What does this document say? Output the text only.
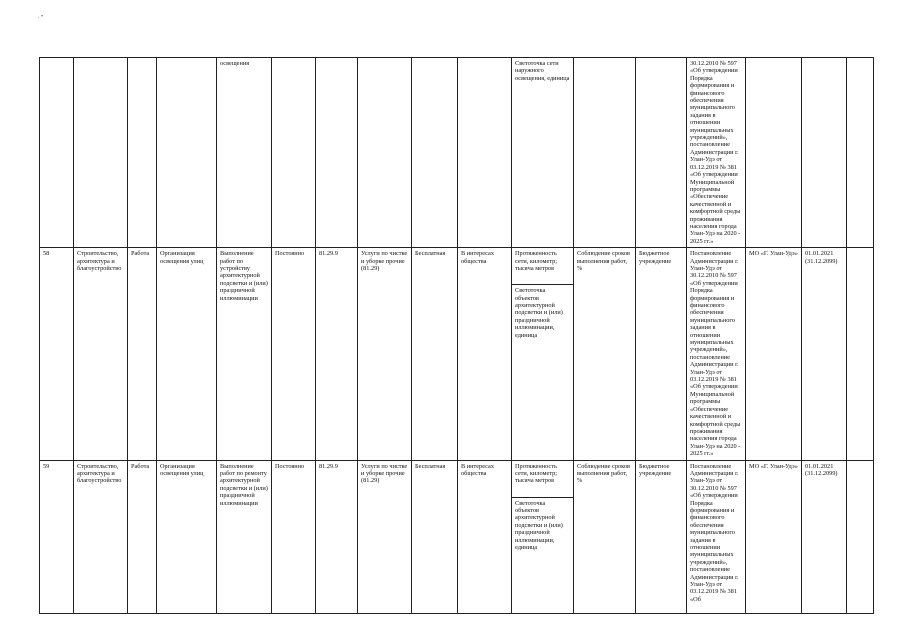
. •
				освещения						Светоточка сети наружного освещения, единица			30.12.2010 № 597 «Об утверждении Порядка формирования и финансового обеспечения муниципального задания в отношении муниципальных учреждений», постановление Администрации г. Улан-Удэ от 03.12.2019 № 381 «Об утверждении Муниципальной программы «Обеспечение качественной и комфортной среды проживания населения города Улан-Удэ на 2020 - 2025 гг.»			
58	Строительство, архитектура и благоустройство	Работа	Организация освещения улиц	Выполнение работ по устройству архитектурной подсветки и (или) праздничной иллюминации	Постоянно	81.29.9	Услуги по чистке и уборке прочие (81.29)	Бесплатная	В интересах общества	Протяженность сети, километр; тысяча метров
Светоточка объектов архитектурной подсветки и (или) праздничной иллюминации, единица	Соблюдение сроков выполнения работ, %	Бюджетное учреждение	Постановление Администрации г. Улан-Удэ от 30.12.2010 № 597 «Об утверждении Порядка формирования и финансового обеспечения муниципального задания в отношении муниципальных учреждений», постановление Администрации г. Улан-Удэ от 03.12.2019 № 381 «Об утверждении Муниципальной программы «Обеспечение качественной и комфортной среды проживания населения города Улан-Удэ на 2020 - 2025 гг.»	МО «Г. Улан-Удэ»	01.01.2021 (31.12.2099)	
59	Строительство, архитектура и благоустройство	Работа	Организация освещения улиц	Выполнение работ по ремонту архитектурной подсветки и (или) праздничной иллюминации	Постоянно	81.29.9	Услуги по чистке и уборке прочие (81.29)	Бесплатная	В интересах общества	Протяженность сети, километр; тысяча метров
Светоточка объектов архитектурной подсветки и (или) праздничной иллюминации, единица	Соблюдение сроков выполнения работ, %	Бюджетное учреждение	Постановление Администрации г. Улан-Удэ от 30.12.2010 № 597 «Об утверждении Порядка формирования и финансового обеспечения муниципального задания в отношении муниципальных учреждений», постановление Администрации г. Улан-Удэ от 03.12.2019 № 381 «Об	МО «Г. Улан-Удэ»	01.01.2021 (31.12.2099)	
